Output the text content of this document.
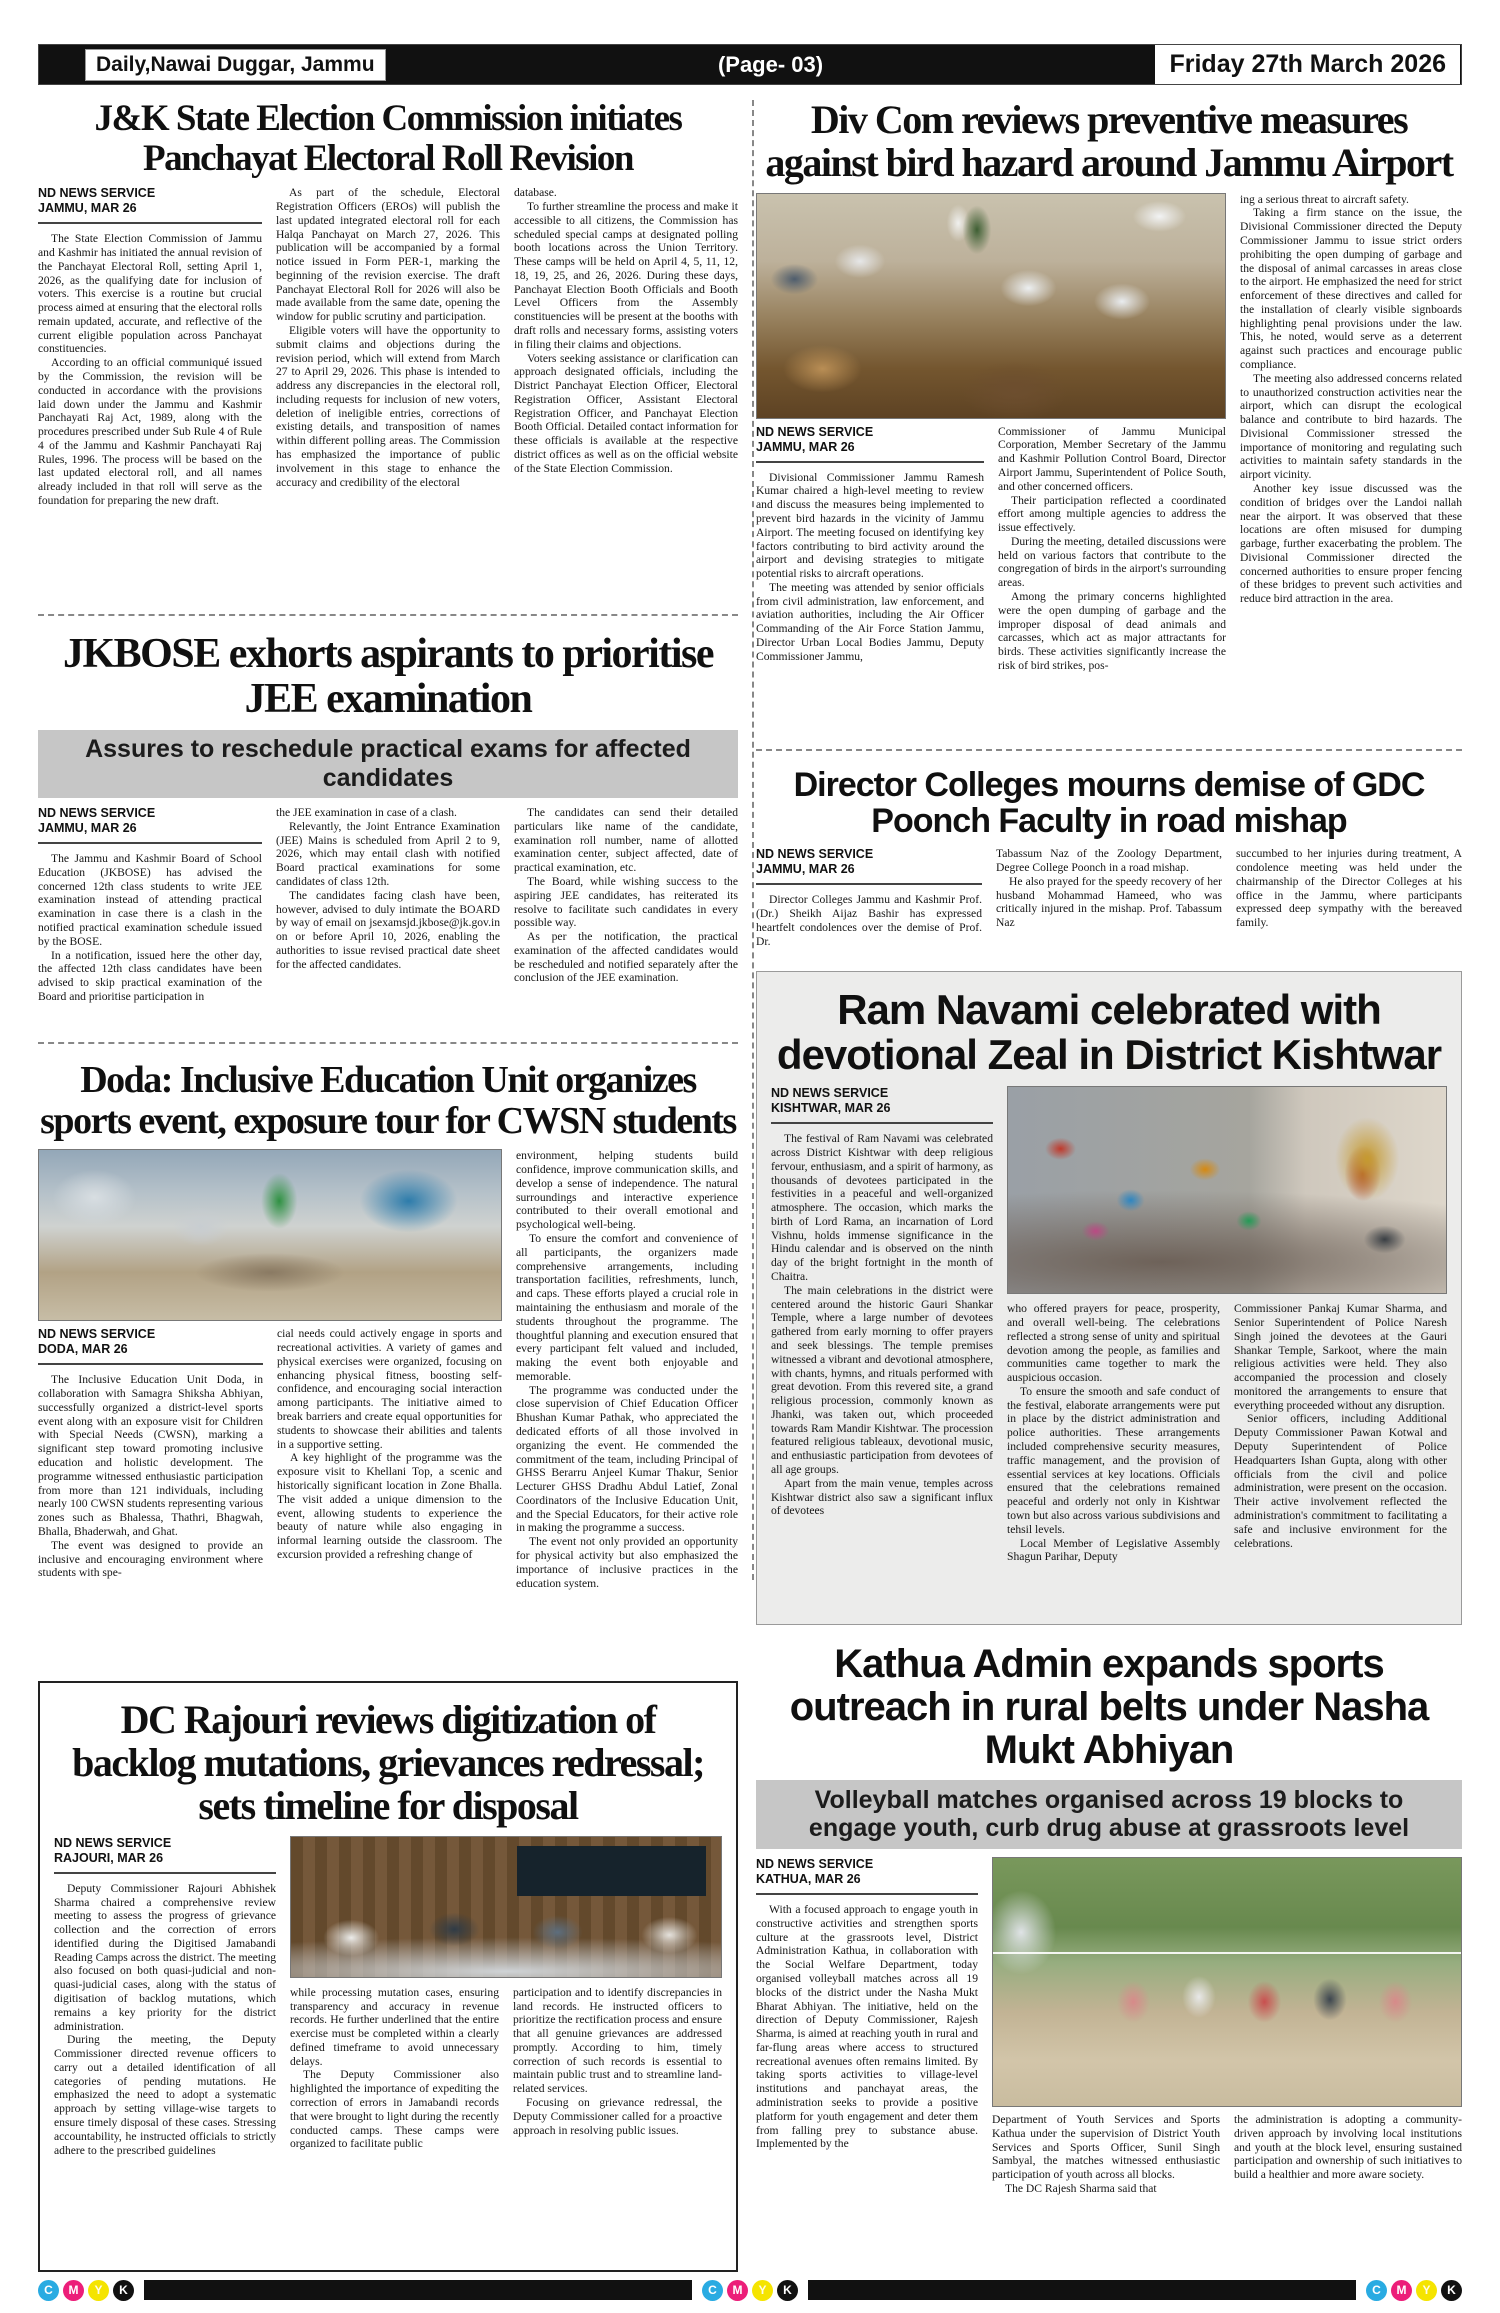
Daily,Nawai Duggar, Jammu	(Page- 03)	Friday 27th March 2026
J&K State Election Commission initiates Panchayat Electoral Roll Revision
ND NEWS SERVICE
JAMMU, MAR 26

The State Election Commission of Jammu and Kashmir has initiated the annual revision of the Panchayat Electoral Roll, setting April 1, 2026, as the qualifying date for inclusion of voters. This exercise is a routine but crucial process aimed at ensuring that the electoral rolls remain updated, accurate, and reflective of the current eligible population across Panchayat constituencies.

According to an official communiqué issued by the Commission, the revision will be conducted in accordance with the provisions laid down under the Jammu and Kashmir Panchayati Raj Act, 1989, along with the procedures prescribed under Sub Rule 4 of Rule 4 of the Jammu and Kashmir Panchayati Raj Rules, 1996. The process will be based on the last updated electoral roll, and all names already included in that roll will serve as the foundation for preparing the new draft.

As part of the schedule, Electoral Registration Officers (EROs) will publish the last updated integrated electoral roll for each Halqa Panchayat on March 27, 2026. This publication will be accompanied by a formal notice issued in Form PER-1, marking the beginning of the revision exercise. The draft Panchayat Electoral Roll for 2026 will also be made available from the same date, opening the window for public scrutiny and participation.

Eligible voters will have the opportunity to submit claims and objections during the revision period, which will extend from March 27 to April 29, 2026. This phase is intended to address any discrepancies in the electoral roll, including requests for inclusion of new voters, deletion of ineligible entries, corrections of existing details, and transposition of names within different polling areas. The Commission has emphasized the importance of public involvement in this stage to enhance the accuracy and credibility of the electoral

database.

To further streamline the process and make it accessible to all citizens, the Commission has scheduled special camps at designated polling booth locations across the Union Territory. These camps will be held on April 4, 5, 11, 12, 18, 19, 25, and 26, 2026. During these days, Panchayat Election Booth Officials and Booth Level Officers from the Assembly constituencies will be present at the booths with draft rolls and necessary forms, assisting voters in filing their claims and objections.

Voters seeking assistance or clarification can approach designated officials, including the District Panchayat Election Officer, Electoral Registration Officer, Assistant Electoral Registration Officer, and Panchayat Election Booth Official. Detailed contact information for these officials is available at the respective district offices as well as on the official website of the State Election Commission.

JKBOSE exhorts aspirants to prioritise JEE examination
Assures to reschedule practical exams for affected candidates
ND NEWS SERVICE
JAMMU, MAR 26

The Jammu and Kashmir Board of School Education (JKBOSE) has advised the concerned 12th class students to write JEE examination instead of attending practical examination in case there is a clash in the notified practical examination schedule issued by the BOSE.

In a notification, issued here the other day, the affected 12th class candidates have been advised to skip practical examination of the Board and prioritise participation in

the JEE examination in case of a clash.

Relevantly, the Joint Entrance Examination (JEE) Mains is scheduled from April 2 to 9, 2026, which may entail clash with notified Board practical examinations for some candidates of class 12th.

The candidates facing clash have been, however, advised to duly intimate the BOARD by way of email on jsexamsjd.jkbose@jk.gov.in on or before April 10, 2026, enabling the authorities to issue revised practical date sheet for the affected candidates.

The candidates can send their detailed particulars like name of the candidate, examination roll number, name of allotted examination center, subject affected, date of practical examination, etc.

The Board, while wishing success to the aspiring JEE candidates, has reiterated its resolve to facilitate such candidates in every possible way.

As per the notification, the practical examination of the affected candidates would be rescheduled and notified separately after the conclusion of the JEE examination.

Doda: Inclusive Education Unit organizes sports event, exposure tour for CWSN students
ND NEWS SERVICE
DODA, MAR 26

The Inclusive Education Unit Doda, in collaboration with Samagra Shiksha Abhiyan, successfully organized a district-level sports event along with an exposure visit for Children with Special Needs (CWSN), marking a significant step toward promoting inclusive education and holistic development. The programme witnessed enthusiastic participation from more than 121 individuals, including nearly 100 CWSN students representing various zones such as Bhalessa, Thathri, Bhagwah, Bhalla, Bhaderwah, and Ghat.

The event was designed to provide an inclusive and encouraging environment where students with spe-

cial needs could actively engage in sports and recreational activities. A variety of games and physical exercises were organized, focusing on enhancing physical fitness, boosting self-confidence, and encouraging social interaction among participants. The initiative aimed to break barriers and create equal opportunities for students to showcase their abilities and talents in a supportive setting.

A key highlight of the programme was the exposure visit to Khellani Top, a scenic and historically significant location in Zone Bhalla. The visit added a unique dimension to the event, allowing students to experience the beauty of nature while also engaging in informal learning outside the classroom. The excursion provided a refreshing change of

environment, helping students build confidence, improve communication skills, and develop a sense of independence. The natural surroundings and interactive experience contributed to their overall emotional and psychological well-being.

To ensure the comfort and convenience of all participants, the organizers made comprehensive arrangements, including transportation facilities, refreshments, lunch, and caps. These efforts played a crucial role in maintaining the enthusiasm and morale of the students throughout the programme. The thoughtful planning and execution ensured that every participant felt valued and included, making the event both enjoyable and memorable.

The programme was conducted under the close supervision of Chief Education Officer Bhushan Kumar Pathak, who appreciated the dedicated efforts of all those involved in organizing the event. He commended the commitment of the team, including Principal of GHSS Berarru Anjeel Kumar Thakur, Senior Lecturer GHSS Dradhu Abdul Latief, Zonal Coordinators of the Inclusive Education Unit, and the Special Educators, for their active role in making the programme a success.

The event not only provided an opportunity for physical activity but also emphasized the importance of inclusive practices in the education system.

DC Rajouri reviews digitization of backlog mutations, grievances redressal; sets timeline for disposal
ND NEWS SERVICE
RAJOURI, MAR 26

Deputy Commissioner Rajouri Abhishek Sharma chaired a comprehensive review meeting to assess the progress of grievance collection and the correction of errors identified during the Digitised Jamabandi Reading Camps across the district. The meeting also focused on both quasi-judicial and non-quasi-judicial cases, along with the status of digitisation of backlog mutations, which remains a key priority for the district administration.

During the meeting, the Deputy Commissioner directed revenue officers to carry out a detailed identification of all categories of pending mutations. He emphasized the need to adopt a systematic approach by setting village-wise targets to ensure timely disposal of these cases. Stressing accountability, he instructed officials to strictly adhere to the prescribed guidelines

while processing mutation cases, ensuring transparency and accuracy in revenue records. He further underlined that the entire exercise must be completed within a clearly defined timeframe to avoid unnecessary delays.

The Deputy Commissioner also highlighted the importance of expediting the correction of errors in Jamabandi records that were brought to light during the recently conducted camps. These camps were organized to facilitate public

participation and to identify discrepancies in land records. He instructed officers to prioritize the rectification process and ensure that all genuine grievances are addressed promptly. According to him, timely correction of such records is essential to maintain public trust and to streamline land-related services.

Focusing on grievance redressal, the Deputy Commissioner called for a proactive approach in resolving public issues.

Div Com reviews preventive measures against bird hazard around Jammu Airport
ND NEWS SERVICE
JAMMU, MAR 26

Divisional Commissioner Jammu Ramesh Kumar chaired a high-level meeting to review and discuss the measures being implemented to prevent bird hazards in the vicinity of Jammu Airport. The meeting focused on identifying key factors contributing to bird activity around the airport and devising strategies to mitigate potential risks to aircraft operations.

The meeting was attended by senior officials from civil administration, law enforcement, and aviation authorities, including the Air Officer Commanding of the Air Force Station Jammu, Director Urban Local Bodies Jammu, Deputy Commissioner Jammu,

Commissioner of Jammu Municipal Corporation, Member Secretary of the Jammu and Kashmir Pollution Control Board, Director Airport Jammu, Superintendent of Police South, and other concerned officers.

Their participation reflected a coordinated effort among multiple agencies to address the issue effectively.

During the meeting, detailed discussions were held on various factors that contribute to the congregation of birds in the airport's surrounding areas.

Among the primary concerns highlighted were the open dumping of garbage and the improper disposal of dead animals and carcasses, which act as major attractants for birds. These activities significantly increase the risk of bird strikes, pos-

ing a serious threat to aircraft safety.

Taking a firm stance on the issue, the Divisional Commissioner directed the Deputy Commissioner Jammu to issue strict orders prohibiting the open dumping of garbage and the disposal of animal carcasses in areas close to the airport. He emphasized the need for strict enforcement of these directives and called for the installation of clearly visible signboards highlighting penal provisions under the law. This, he noted, would serve as a deterrent against such practices and encourage public compliance.

The meeting also addressed concerns related to unauthorized construction activities near the airport, which can disrupt the ecological balance and contribute to bird hazards. The Divisional Commissioner stressed the importance of monitoring and regulating such activities to maintain safety standards in the airport vicinity.

Another key issue discussed was the condition of bridges over the Landoi nallah near the airport. It was observed that these locations are often misused for dumping garbage, further exacerbating the problem. The Divisional Commissioner directed the concerned authorities to ensure proper fencing of these bridges to prevent such activities and reduce bird attraction in the area.

Director Colleges mourns demise of GDC Poonch Faculty in road mishap
ND NEWS SERVICE
JAMMU, MAR 26

Director Colleges Jammu and Kashmir Prof. (Dr.) Sheikh Aijaz Bashir has expressed heartfelt condolences over the demise of Prof. Dr.

Tabassum Naz of the Zoology Department, Degree College Poonch in a road mishap.

He also prayed for the speedy recovery of her husband Mohammad Hameed, who was critically injured in the mishap. Prof. Tabassum Naz

succumbed to her injuries during treatment, A condolence meeting was held under the chairmanship of the Director Colleges at his office in the Jammu, where participants expressed deep sympathy with the bereaved family.

Ram Navami celebrated with devotional Zeal in District Kishtwar
ND NEWS SERVICE
KISHTWAR, MAR 26

The festival of Ram Navami was celebrated across District Kishtwar with deep religious fervour, enthusiasm, and a spirit of harmony, as thousands of devotees participated in the festivities in a peaceful and well-organized atmosphere. The occasion, which marks the birth of Lord Rama, an incarnation of Lord Vishnu, holds immense significance in the Hindu calendar and is observed on the ninth day of the bright fortnight in the month of Chaitra.

The main celebrations in the district were centered around the historic Gauri Shankar Temple, where a large number of devotees gathered from early morning to offer prayers and seek blessings. The temple premises witnessed a vibrant and devotional atmosphere, with chants, hymns, and rituals performed with great devotion. From this revered site, a grand religious procession, commonly known as Jhanki, was taken out, which proceeded towards Ram Mandir Kishtwar. The procession featured religious tableaux, devotional music, and enthusiastic participation from devotees of all age groups.

Apart from the main venue, temples across Kishtwar district also saw a significant influx of devotees

who offered prayers for peace, prosperity, and overall well-being. The celebrations reflected a strong sense of unity and spiritual devotion among the people, as families and communities came together to mark the auspicious occasion.

To ensure the smooth and safe conduct of the festival, elaborate arrangements were put in place by the district administration and police authorities. These arrangements included comprehensive security measures, traffic management, and the provision of essential services at key locations. Officials ensured that the celebrations remained peaceful and orderly not only in Kishtwar town but also across various subdivisions and tehsil levels.

Local Member of Legislative Assembly Shagun Parihar, Deputy

Commissioner Pankaj Kumar Sharma, and Senior Superintendent of Police Naresh Singh joined the devotees at the Gauri Shankar Temple, Sarkoot, where the main religious activities were held. They also accompanied the procession and closely monitored the arrangements to ensure that everything proceeded without any disruption.

Senior officers, including Additional Deputy Commissioner Pawan Kotwal and Deputy Superintendent of Police Headquarters Ishan Gupta, along with other officials from the civil and police administration, were present on the occasion. Their active involvement reflected the administration's commitment to facilitating a safe and inclusive environment for the celebrations.

Kathua Admin expands sports outreach in rural belts under Nasha Mukt Abhiyan
Volleyball matches organised across 19 blocks to engage youth, curb drug abuse at grassroots level
ND NEWS SERVICE
KATHUA, MAR 26

With a focused approach to engage youth in constructive activities and strengthen sports culture at the grassroots level, District Administration Kathua, in collaboration with the Social Welfare Department, today organised volleyball matches across all 19 blocks of the district under the Nasha Mukt Bharat Abhiyan. The initiative, held on the direction of Deputy Commissioner, Rajesh Sharma, is aimed at reaching youth in rural and far-flung areas where access to structured recreational avenues often remains limited. By taking sports activities to village-level institutions and panchayat areas, the administration seeks to provide a positive platform for youth engagement and deter them from falling prey to substance abuse. Implemented by the

Department of Youth Services and Sports Kathua under the supervision of District Youth Services and Sports Officer, Sunil Singh Sambyal, the matches witnessed enthusiastic participation of youth across all blocks.

The DC Rajesh Sharma said that

the administration is adopting a community-driven approach by involving local institutions and youth at the block level, ensuring sustained participation and ownership of such initiatives to build a healthier and more aware society.

C	M	Y	K	C	M	Y	K	C	M	Y	K
